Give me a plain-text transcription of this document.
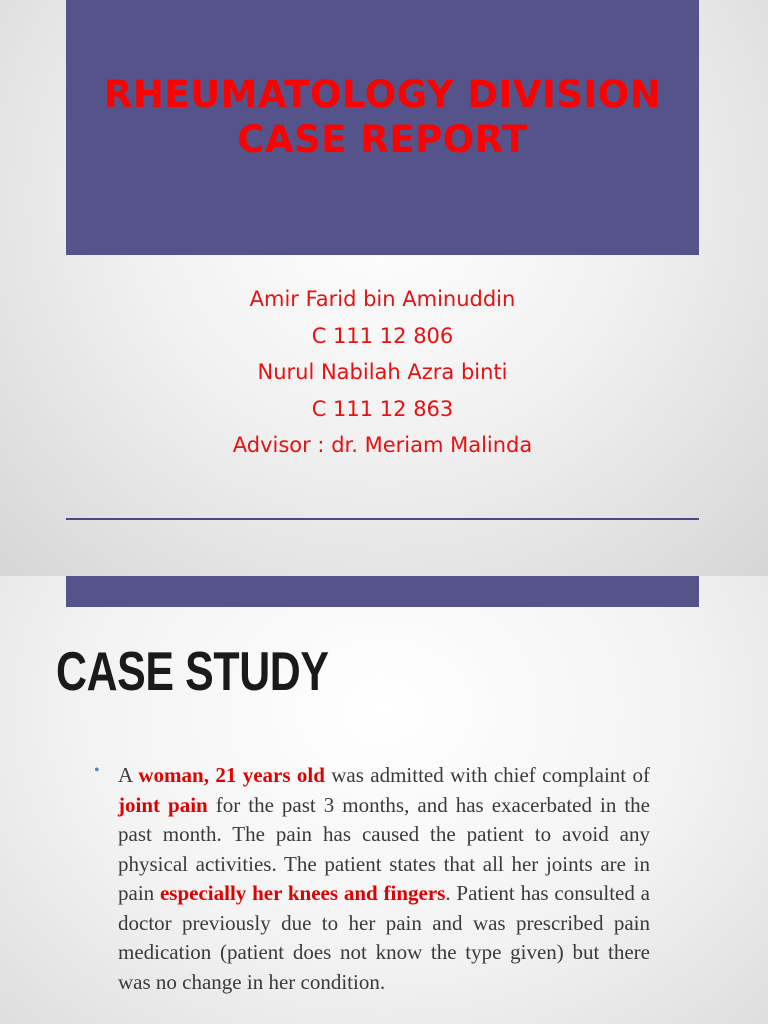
RHEUMATOLOGY DIVISION
CASE REPORT
Amir Farid bin Aminuddin
C 111 12 806
Nurul Nabilah Azra binti
C 111 12 863
Advisor : dr. Meriam Malinda
CASE STUDY
• A woman, 21 years old was admitted with chief complaint of joint pain for the past 3 months, and has exacerbated in the past month. The pain has caused the patient to avoid any physical activities. The patient states that all her joints are in pain especially her knees and fingers. Patient has consulted a doctor previously due to her pain and was prescribed pain medication (patient does not know the type given) but there was no change in her condition.
